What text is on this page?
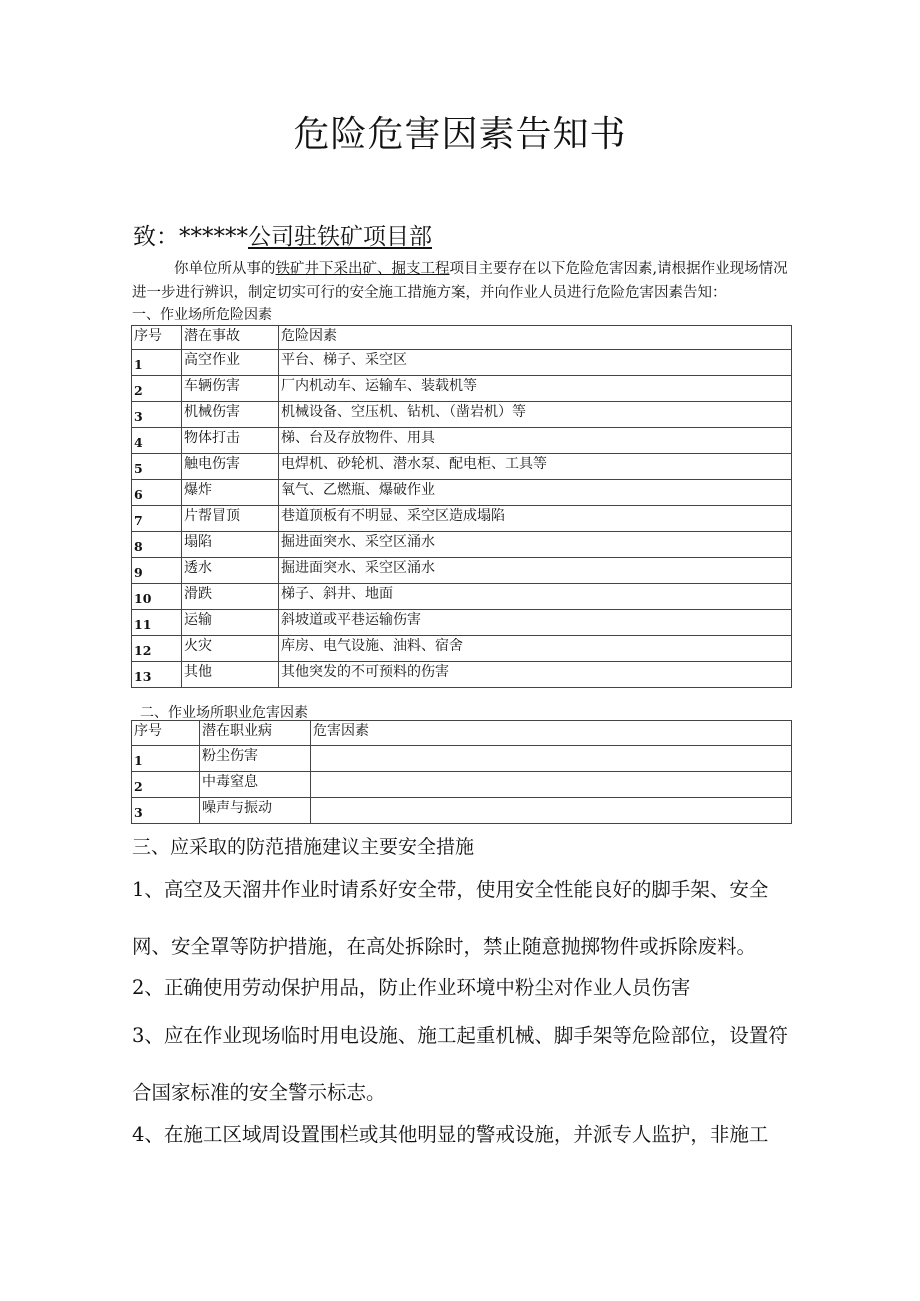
危险危害因素告知书
致：******公司驻铁矿项目部

你单位所从事的铁矿井下采出矿、掘支工程项目主要存在以下危险危害因素,请根据作业现场情况进一步进行辨识，制定切实可行的安全施工措施方案，并向作业人员进行危险危害因素告知：

一、作业场所危险因素
序号	潜在事故	危险因素
1	高空作业	平台、梯子、采空区
2	车辆伤害	厂内机动车、运输车、装载机等
3	机械伤害	机械设备、空压机、钻机、（凿岩机）等
4	物体打击	梯、台及存放物件、用具
5	触电伤害	电焊机、砂轮机、潜水泵、配电柜、工具等
6	爆炸	氧气、乙燃瓶、爆破作业
7	片帮冒顶	巷道顶板有不明显、采空区造成塌陷
8	塌陷	掘进面突水、采空区涌水
9	透水	掘进面突水、采空区涌水
10	滑跌	梯子、斜井、地面
11	运输	斜坡道或平巷运输伤害
12	火灾	库房、电气设施、油料、宿舍
13	其他	其他突发的不可预料的伤害
二、作业场所职业危害因素
序号	潜在职业病	危害因素
1	粉尘伤害	
2	中毒窒息	
3	噪声与振动	
三、应采取的防范措施建议主要安全措施

1、高空及天溜井作业时请系好安全带，使用安全性能良好的脚手架、安全网、安全罩等防护措施，在高处拆除时，禁止随意抛掷物件或拆除废料。

2、正确使用劳动保护用品，防止作业环境中粉尘对作业人员伤害

3、应在作业现场临时用电设施、施工起重机械、脚手架等危险部位，设置符合国家标准的安全警示标志。

4、在施工区域周设置围栏或其他明显的警戒设施，并派专人监护，非施工
